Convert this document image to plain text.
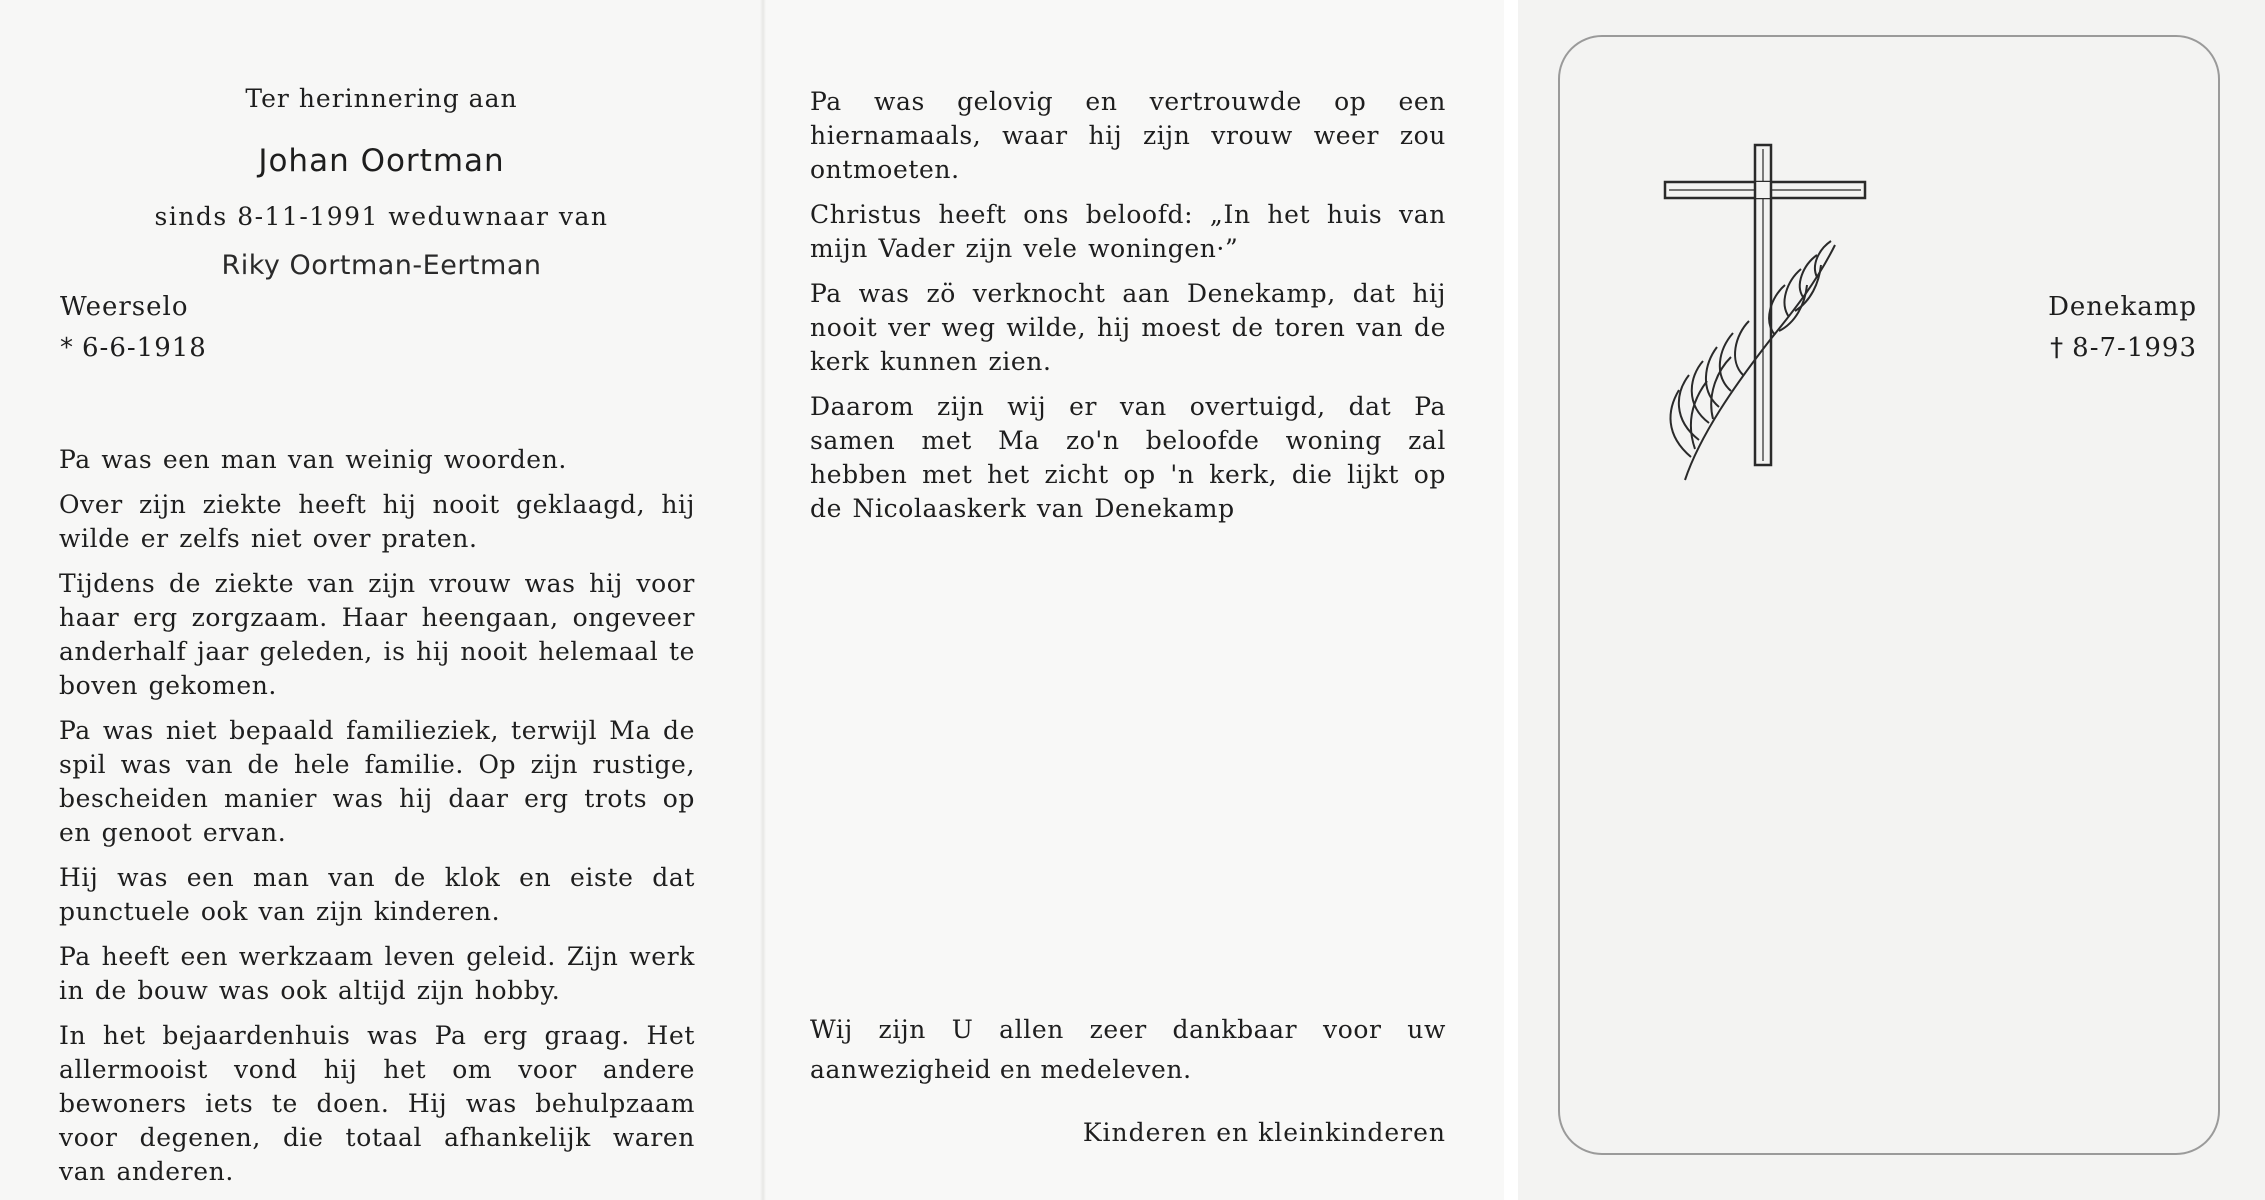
Ter herinnering aan
Johan Oortman
sinds 8-11-1991 weduwnaar van
Riky Oortman-Eertman
Weerselo	Denekamp
* 6-6-1918	† 8-7-1993

Pa was een man van weinig woorden.

Over zijn ziekte heeft hij nooit geklaagd, hij wilde er zelfs niet over praten.

Tijdens de ziekte van zijn vrouw was hij voor haar erg zorgzaam. Haar heengaan, ongeveer anderhalf jaar geleden, is hij nooit helemaal te boven gekomen.

Pa was niet bepaald familieziek, terwijl Ma de spil was van de hele familie. Op zijn rustige, bescheiden manier was hij daar erg trots op en genoot ervan.

Hij was een man van de klok en eiste dat punctuele ook van zijn kinderen.

Pa heeft een werkzaam leven geleid. Zijn werk in de bouw was ook altijd zijn hobby.

In het bejaardenhuis was Pa erg graag. Het allermooist vond hij het om voor andere bewoners iets te doen. Hij was behulpzaam voor degenen, die totaal afhankelijk waren van anderen.

Pa was gelovig en vertrouwde op een hiernamaals, waar hij zijn vrouw weer zou ontmoeten.

Christus heeft ons beloofd: „In het huis van mijn Vader zijn vele woningen·”

Pa was zö verknocht aan Denekamp, dat hij nooit ver weg wilde, hij moest de toren van de kerk kunnen zien.

Daarom zijn wij er van overtuigd, dat Pa samen met Ma zo'n beloofde woning zal hebben met het zicht op 'n kerk, die lijkt op de Nicolaaskerk van Denekamp

Wij zijn U allen zeer dankbaar voor uw aanwezigheid en medeleven.

Kinderen en kleinkinderen
